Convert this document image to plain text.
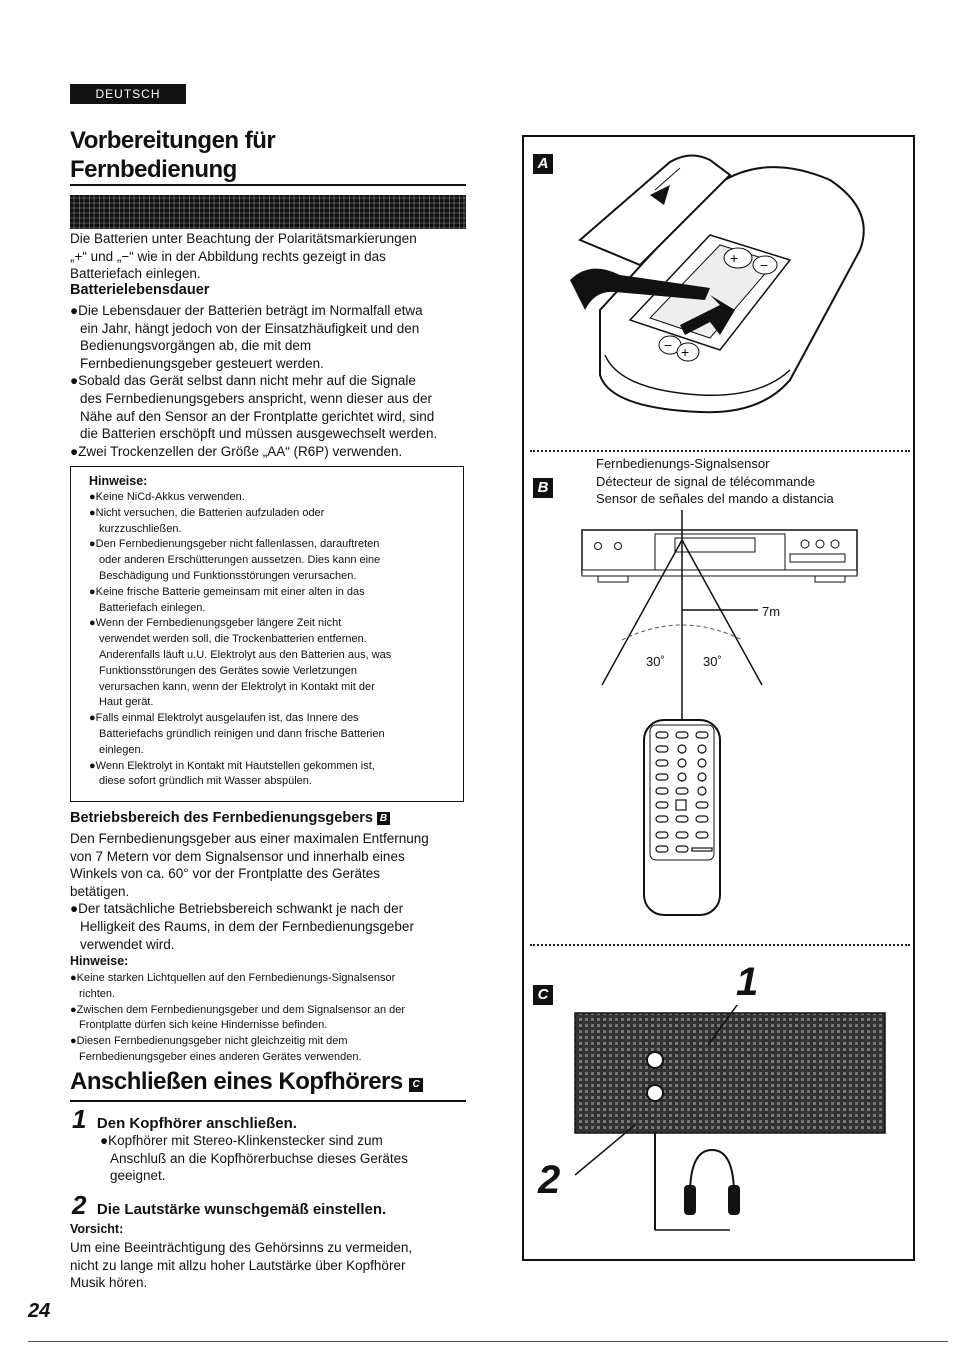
DEUTSCH
Vorbereitungen für
Fernbedienung
Die Batterien unter Beachtung der Polaritätsmarkierungen
„+“ und „−“ wie in der Abbildung rechts gezeigt in das
Batteriefach einlegen.
Batterielebensdauer
●Die Lebensdauer der Batterien beträgt im Normalfall etwa
ein Jahr, hängt jedoch von der Einsatzhäufigkeit und den
Bedienungsvorgängen ab, die mit dem
Fernbedienungsgeber gesteuert werden.
●Sobald das Gerät selbst dann nicht mehr auf die Signale
des Fernbedienungsgebers anspricht, wenn dieser aus der
Nähe auf den Sensor an der Frontplatte gerichtet wird, sind
die Batterien erschöpft und müssen ausgewechselt werden.
●Zwei Trockenzellen der Größe „AA“ (R6P) verwenden.
Hinweise:
●Keine NiCd-Akkus verwenden.
●Nicht versuchen, die Batterien aufzuladen oder
kurzzuschließen.
●Den Fernbedienungsgeber nicht fallenlassen, darauftreten
oder anderen Erschütterungen aussetzen. Dies kann eine
Beschädigung und Funktionsstörungen verursachen.
●Keine frische Batterie gemeinsam mit einer alten in das
Batteriefach einlegen.
●Wenn der Fernbedienungsgeber längere Zeit nicht
verwendet werden soll, die Trockenbatterien entfernen.
Anderenfalls läuft u.U. Elektrolyt aus den Batterien aus, was
Funktionsstörungen des Gerätes sowie Verletzungen
verursachen kann, wenn der Elektrolyt in Kontakt mit der
Haut gerät.
●Falls einmal Elektrolyt ausgelaufen ist, das Innere des
Batteriefachs gründlich reinigen und dann frische Batterien
einlegen.
●Wenn Elektrolyt in Kontakt mit Hautstellen gekommen ist,
diese sofort gründlich mit Wasser abspülen.
Betriebsbereich des Fernbedienungsgebers B
Den Fernbedienungsgeber aus einer maximalen Entfernung
von 7 Metern vor dem Signalsensor und innerhalb eines
Winkels von ca. 60° vor der Frontplatte des Gerätes
betätigen.
●Der tatsächliche Betriebsbereich schwankt je nach der
Helligkeit des Raums, in dem der Fernbedienungsgeber
verwendet wird.
Hinweise:
●Keine starken Lichtquellen auf den Fernbedienungs-Signalsensor
richten.
●Zwischen dem Fernbedienungsgeber und dem Signalsensor an der
Frontplatte dürfen sich keine Hindernisse befinden.
●Diesen Fernbedienungsgeber nicht gleichzeitig mit dem
Fernbedienungsgeber eines anderen Gerätes verwenden.
Anschließen eines Kopfhörers C
1 Den Kopfhörer anschließen.
●Kopfhörer mit Stereo-Klinkenstecker sind zum
Anschluß an die Kopfhörerbuchse dieses Gerätes
geeignet.
2 Die Lautstärke wunschgemäß einstellen.
Vorsicht:
Um eine Beeinträchtigung des Gehörsinns zu vermeiden,
nicht zu lange mit allzu hoher Lautstärke über Kopfhörer
Musik hören.
24
A
B
C
+ −
− +
Fernbedienungs-Signalsensor
Détecteur de signal de télécommande
Sensor de señales del mando a distancia
7m
30˚	30˚
1
2
